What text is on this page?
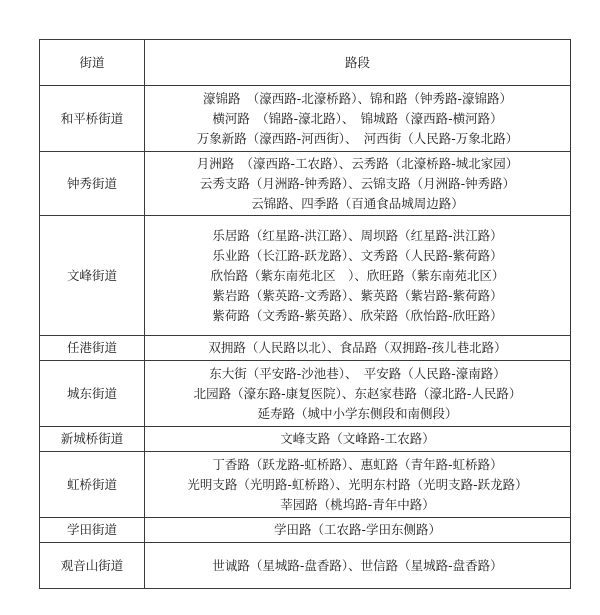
街道	路段
和平桥街道	濠锦路　（濠西路-北濠桥路）、锦和路（钟秀路-濠锦路）
横河路　（锦路-濠北路）、　锦城路（濠西路-横河路）
万象新路（濠西路-河西街）、　河西街（人民路-万象北路）

钟秀街道	月洲路　（濠西路-工农路）、云秀路（北濠桥路-城北家园）
云秀支路（月洲路-钟秀路）、云锦支路（月洲路-钟秀路）
云锦路、四季路（百通食品城周边路）

文峰街道	乐居路（红星路-洪江路）、周坝路（红星路-洪江路）
乐业路（长江路-跃龙路）、文秀路（人民路-紫荷路）
欣怡路（紫东南苑北区　）、欣旺路（紫东南苑北区）
紫岩路（紫英路-文秀路）、紫英路（紫岩路-紫荷路）
紫荷路（文秀路-紫英路）、欣荣路（欣怡路-欣旺路）

任港街道	双拥路（人民路以北）、食品路（双拥路-孩儿巷北路）

城东街道	东大街（平安路-沙池巷）、　平安路（人民路-濠南路）
北园路（濠东路-康复医院）、东赵家巷路（濠北路-人民路）
延寿路（城中小学东侧段和南侧段）

新城桥街道	文峰支路（文峰路-工农路）

虹桥街道	丁香路（跃龙路-虹桥路）、惠虹路（青年路-虹桥路）
光明支路（光明路-虹桥路）、光明东村路（光明支路-跃龙路）
莘园路（桃坞路-青年中路）

学田街道	学田路（工农路-学田东侧路）

观音山街道	世诚路（星城路-盘香路）、世信路（星城路-盘香路）
